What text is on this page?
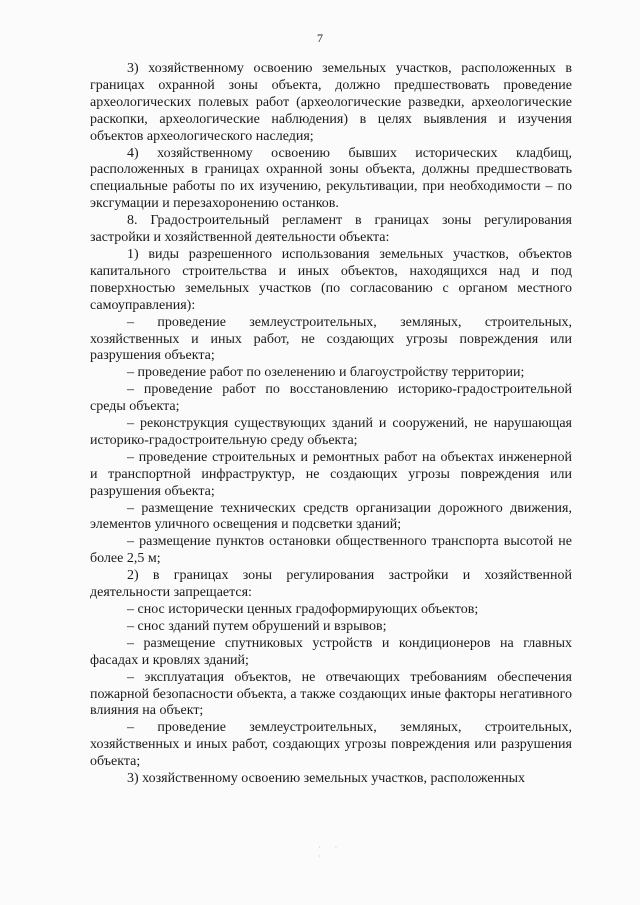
7

3) хозяйственному освоению земельных участков, расположенных в границах охранной зоны объекта, должно предшествовать проведение археологических полевых работ (археологические разведки, археологические раскопки, археологические наблюдения) в целях выявления и изучения объектов археологического наследия;

4) хозяйственному освоению бывших исторических кладбищ, расположенных в границах охранной зоны объекта, должны предшествовать специальные работы по их изучению, рекультивации, при необходимости – по эксгумации и перезахоронению останков.

8. Градостроительный регламент в границах зоны регулирования застройки и хозяйственной деятельности объекта:

1) виды разрешенного использования земельных участков, объектов капитального строительства и иных объектов, находящихся над и под поверхностью земельных участков (по согласованию с органом местного самоуправления):

– проведение землеустроительных, земляных, строительных, хозяйственных и иных работ, не создающих угрозы повреждения или разрушения объекта;

– проведение работ по озеленению и благоустройству территории;

– проведение работ по восстановлению историко-градостроительной среды объекта;

– реконструкция существующих зданий и сооружений, не нарушающая историко-градостроительную среду объекта;

– проведение строительных и ремонтных работ на объектах инженерной и транспортной инфраструктур, не создающих угрозы повреждения или разрушения объекта;

– размещение технических средств организации дорожного движения, элементов уличного освещения и подсветки зданий;

– размещение пунктов остановки общественного транспорта высотой не более 2,5 м;

2) в границах зоны регулирования застройки и хозяйственной деятельности запрещается:

– снос исторически ценных градоформирующих объектов;

– снос зданий путем обрушений и взрывов;

– размещение спутниковых устройств и кондиционеров на главных фасадах и кровлях зданий;

– эксплуатация объектов, не отвечающих требованиям обеспечения пожарной безопасности объекта, а также создающих иные факторы негативного влияния на объект;

– проведение землеустроительных, земляных, строительных, хозяйственных и иных работ, создающих угрозы повреждения или разрушения объекта;

3) хозяйственному освоению земельных участков, расположенных

· · ·
